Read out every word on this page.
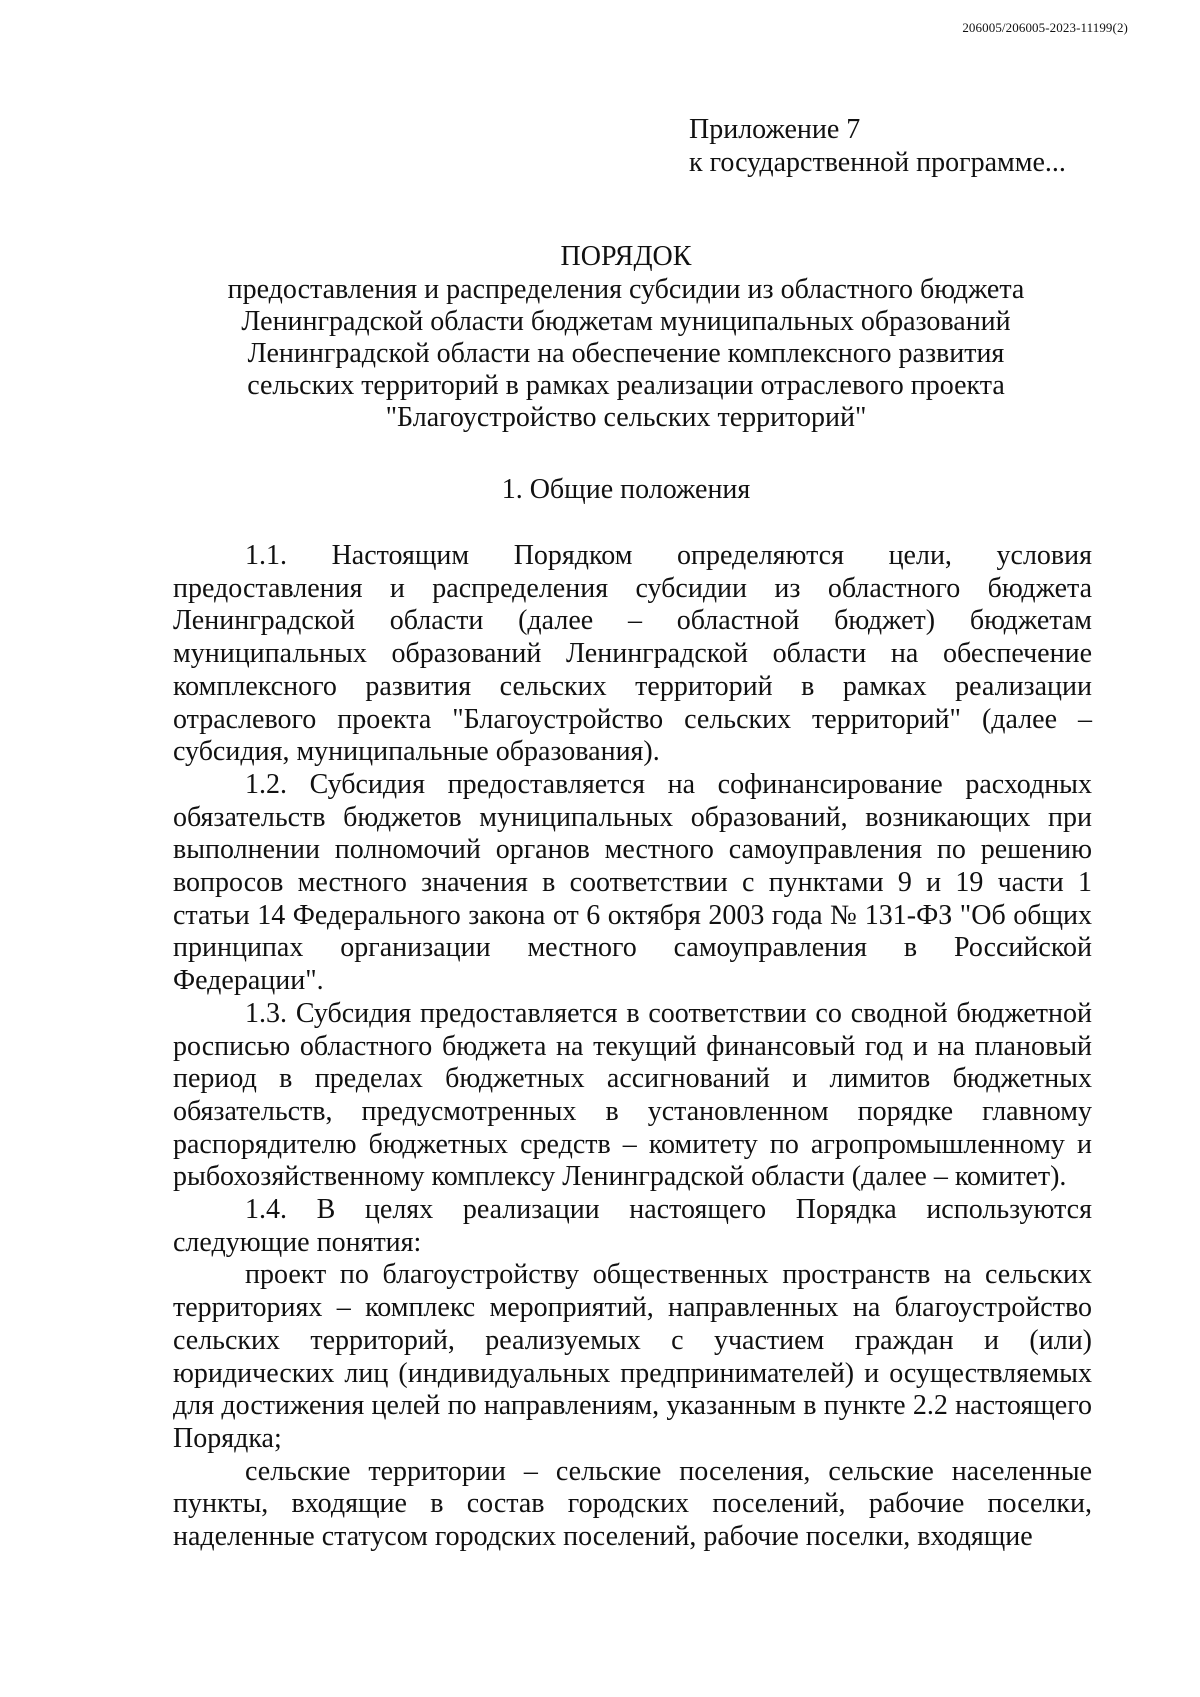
206005/206005-2023-11199(2)
Приложение 7
к государственной программе...
ПОРЯДОК
предоставления и распределения субсидии из областного бюджета
Ленинградской области бюджетам муниципальных образований
Ленинградской области на обеспечение комплексного развития
сельских территорий в рамках реализации отраслевого проекта
"Благоустройство сельских территорий"
1. Общие положения

1.1. Настоящим Порядком определяются цели, условия предоставления и распределения субсидии из областного бюджета Ленинградской области (далее – областной бюджет) бюджетам муниципальных образований Ленинградской области на обеспечение комплексного развития сельских территорий в рамках реализации отраслевого проекта "Благоустройство сельских территорий" (далее – субсидия, муниципальные образования).

1.2. Субсидия предоставляется на софинансирование расходных обязательств бюджетов муниципальных образований, возникающих при выполнении полномочий органов местного самоуправления по решению вопросов местного значения в соответствии с пунктами 9 и 19 части 1 статьи 14 Федерального закона от 6 октября 2003 года № 131-ФЗ "Об общих принципах организации местного самоуправления в Российской Федерации".

1.3. Субсидия предоставляется в соответствии со сводной бюджетной росписью областного бюджета на текущий финансовый год и на плановый период в пределах бюджетных ассигнований и лимитов бюджетных обязательств, предусмотренных в установленном порядке главному распорядителю бюджетных средств – комитету по агропромышленному и рыбохозяйственному комплексу Ленинградской области (далее – комитет).

1.4. В целях реализации настоящего Порядка используются следующие понятия:

проект по благоустройству общественных пространств на сельских территориях – комплекс мероприятий, направленных на благоустройство сельских территорий, реализуемых с участием граждан и (или) юридических лиц (индивидуальных предпринимателей) и осуществляемых для достижения целей по направлениям, указанным в пункте 2.2 настоящего Порядка;

сельские территории – сельские поселения, сельские населенные пункты, входящие в состав городских поселений, рабочие поселки, наделенные статусом городских поселений, рабочие поселки, входящие
